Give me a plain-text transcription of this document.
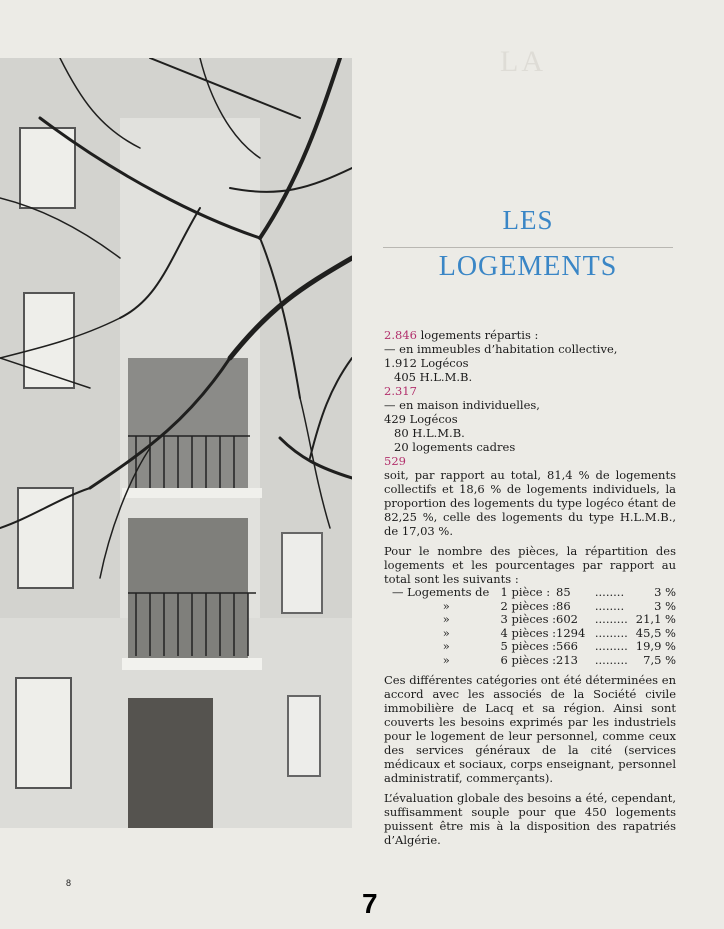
LA
LES
LOGEMENTS

2.846 logements répartis :

— en immeubles d’habitation collective,

1.912 Logécos

405 H.L.M.B.

2.317

— en maison individuelles,

429 Logécos

80 H.L.M.B.

20 logements cadres

529

soit, par rapport au total, 81,4 % de logements collectifs et 18,6 % de logements individuels, la proportion des logements du type logéco étant de 82,25 %, celle des logements du type H.L.M.B., de 17,03 %.

Pour le nombre des pièces, la répartition des logements et les pourcentages par rapport au total sont les suivants :

— Logements de	1 pièce :	85	........	3 %
»	2 pièces :	86	........	3 %
»	3 pièces :	602	.........	21,1 %
»	4 pièces :	1294	.........	45,5 %
»	5 pièces :	566	.........	19,9 %
»	6 pièces :	213	.........	7,5 %

Ces différentes catégories ont été déterminées en accord avec les associés de la Société civile immobilière de Lacq et sa région. Ainsi sont couverts les besoins exprimés par les industriels pour le logement de leur personnel, comme ceux des services généraux de la cité (services médicaux et sociaux, corps enseignant, personnel administratif, commerçants).

L’évaluation globale des besoins a été, cependant, suffisamment souple pour que 450 logements puissent être mis à la disposition des rapatriés d’Algérie.

8
7
